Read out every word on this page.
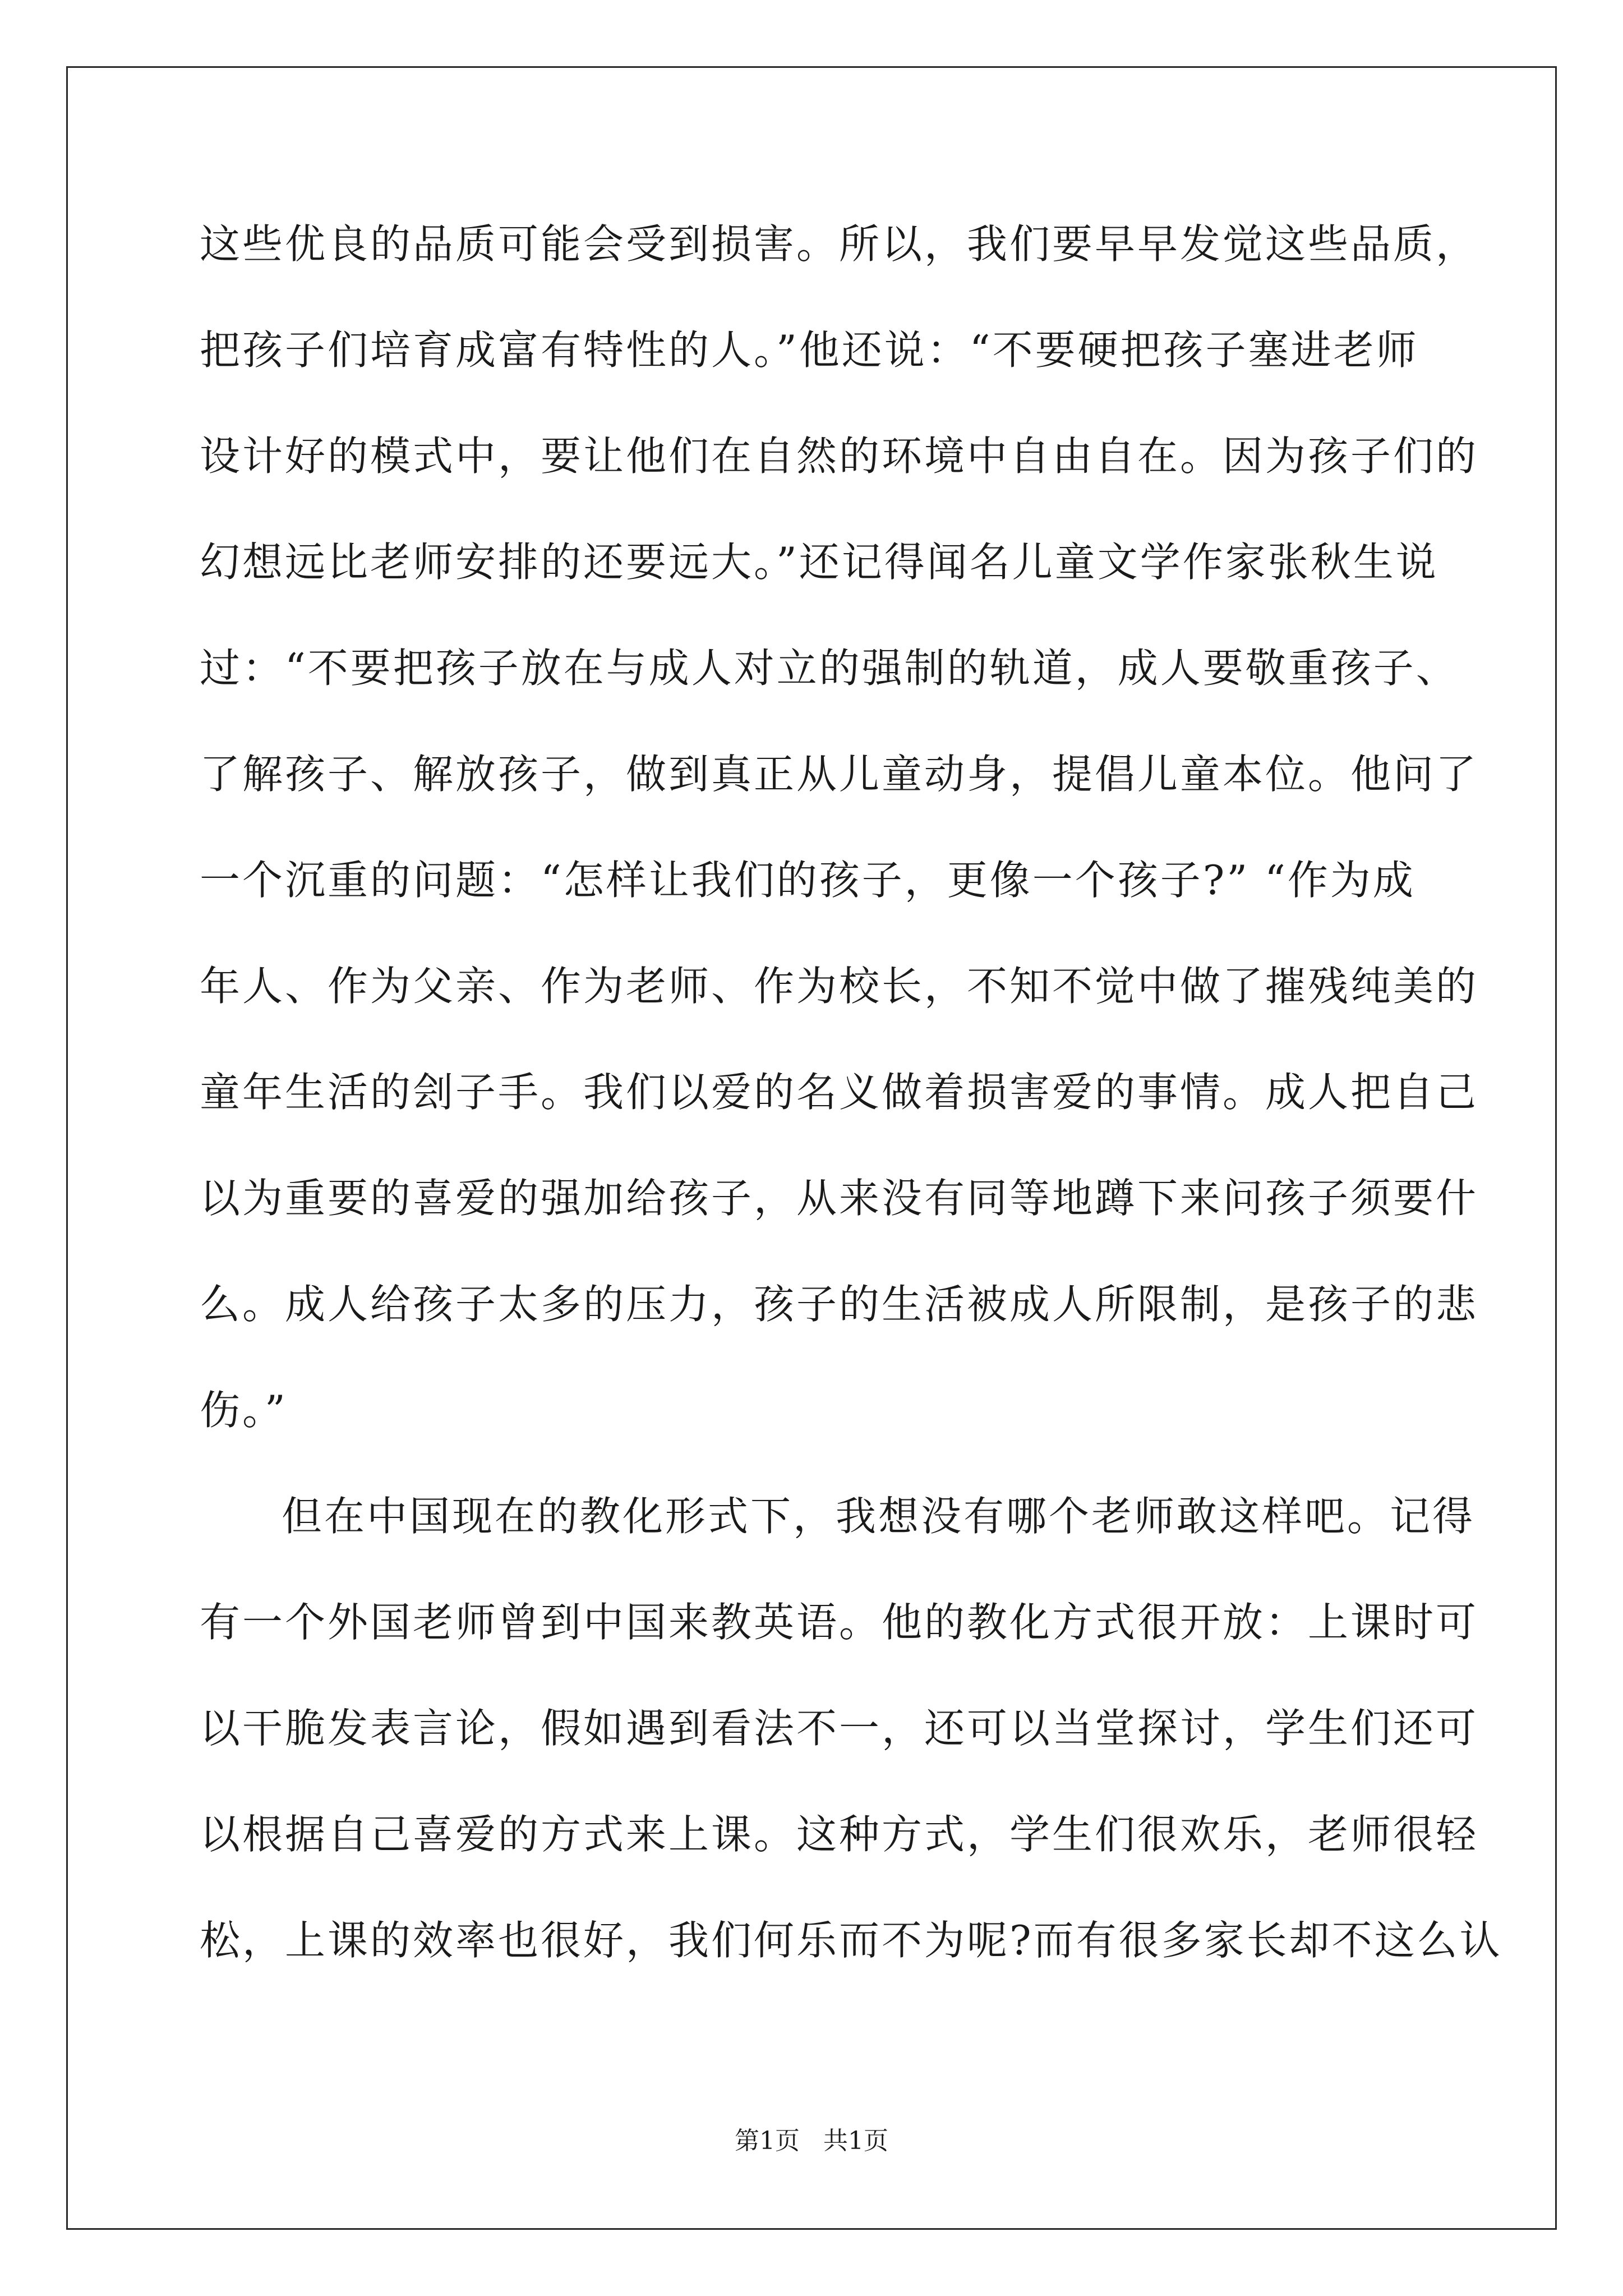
这些优良的品质可能会受到损害。所以，我们要早早发觉这些品质，
把孩子们培育成富有特性的人。”他还说：“不要硬把孩子塞进老师
设计好的模式中，要让他们在自然的环境中自由自在。因为孩子们的
幻想远比老师安排的还要远大。”还记得闻名儿童文学作家张秋生说
过：“不要把孩子放在与成人对立的强制的轨道，成人要敬重孩子、
了解孩子、解放孩子，做到真正从儿童动身，提倡儿童本位。他问了
一个沉重的问题：“怎样让我们的孩子，更像一个孩子?” “作为成
年人、作为父亲、作为老师、作为校长，不知不觉中做了摧残纯美的
童年生活的刽子手。我们以爱的名义做着损害爱的事情。成人把自己
以为重要的喜爱的强加给孩子，从来没有同等地蹲下来问孩子须要什
么。成人给孩子太多的压力，孩子的生活被成人所限制，是孩子的悲
伤。”
但在中国现在的教化形式下，我想没有哪个老师敢这样吧。记得
有一个外国老师曾到中国来教英语。他的教化方式很开放：上课时可
以干脆发表言论，假如遇到看法不一，还可以当堂探讨，学生们还可
以根据自己喜爱的方式来上课。这种方式，学生们很欢乐，老师很轻
松，上课的效率也很好，我们何乐而不为呢?而有很多家长却不这么认
第1页   共1页
